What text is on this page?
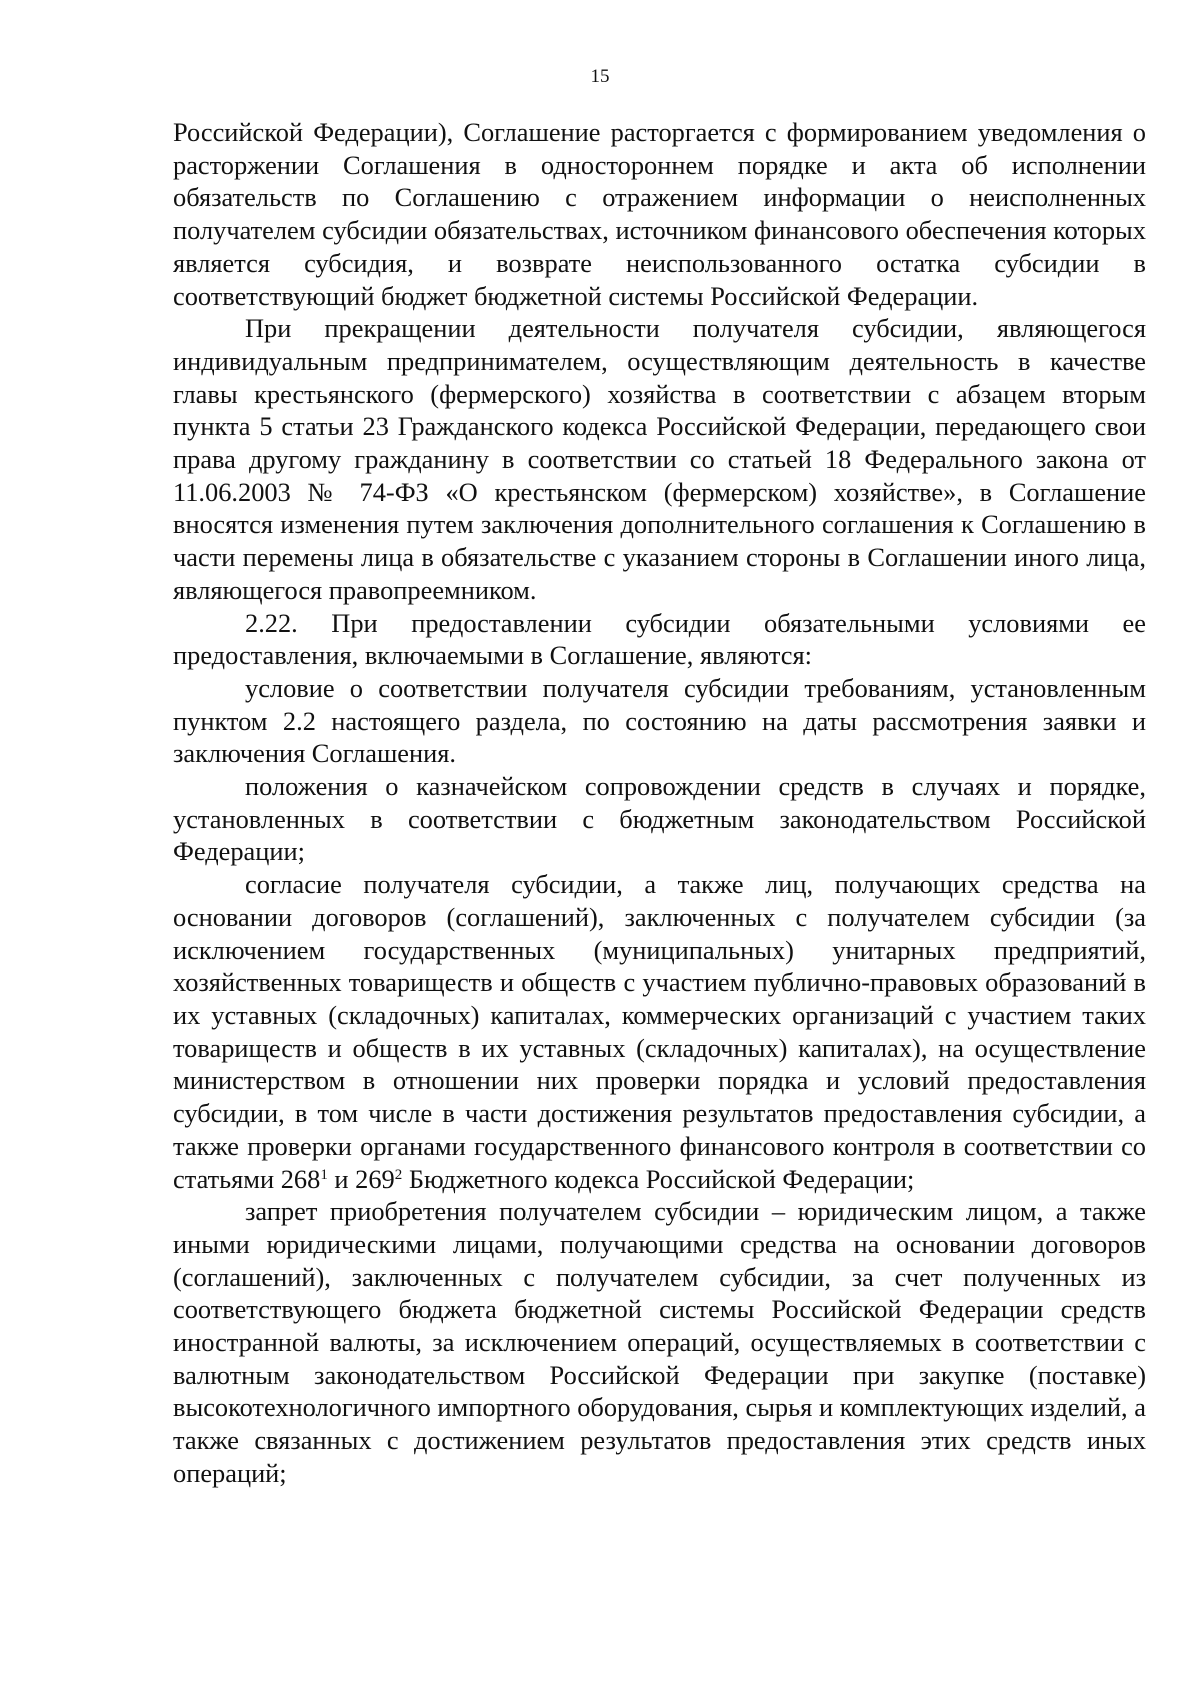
15

Российской Федерации), Соглашение расторгается с формированием уведомления о расторжении Соглашения в одностороннем порядке и акта об исполнении обязательств по Соглашению с отражением информации о неисполненных получателем субсидии обязательствах, источником финансового обеспечения которых является субсидия, и возврате неиспользованного остатка субсидии в соответствующий бюджет бюджетной системы Российской Федерации.

При прекращении деятельности получателя субсидии, являющегося индивидуальным предпринимателем, осуществляющим деятельность в качестве главы крестьянского (фермерского) хозяйства в соответствии с абзацем вторым пункта 5 статьи 23 Гражданского кодекса Российской Федерации, передающего свои права другому гражданину в соответствии со статьей 18 Федерального закона от 11.06.2003 № 74-ФЗ «О крестьянском (фермерском) хозяйстве», в Соглашение вносятся изменения путем заключения дополнительного соглашения к Соглашению в части перемены лица в обязательстве с указанием стороны в Соглашении иного лица, являющегося правопреемником.

2.22. При предоставлении субсидии обязательными условиями ее предоставления, включаемыми в Соглашение, являются:

условие о соответствии получателя субсидии требованиям, установленным пунктом 2.2 настоящего раздела, по состоянию на даты рассмотрения заявки и заключения Соглашения.

положения о казначейском сопровождении средств в случаях и порядке, установленных в соответствии с бюджетным законодательством Российской Федерации;

согласие получателя субсидии, а также лиц, получающих средства на основании договоров (соглашений), заключенных с получателем субсидии (за исключением государственных (муниципальных) унитарных предприятий, хозяйственных товариществ и обществ с участием публично-правовых образований в их уставных (складочных) капиталах, коммерческих организаций с участием таких товариществ и обществ в их уставных (складочных) капиталах), на осуществление министерством в отношении них проверки порядка и условий предоставления субсидии, в том числе в части достижения результатов предоставления субсидии, а также проверки органами государственного финансового контроля в соответствии со статьями $268^1$ и $269^2$ Бюджетного кодекса Российской Федерации;

запрет приобретения получателем субсидии – юридическим лицом, а также иными юридическими лицами, получающими средства на основании договоров (соглашений), заключенных с получателем субсидии, за счет полученных из соответствующего бюджета бюджетной системы Российской Федерации средств иностранной валюты, за исключением операций, осуществляемых в соответствии с валютным законодательством Российской Федерации при закупке (поставке) высокотехнологичного импортного оборудования, сырья и комплектующих изделий, а также связанных с достижением результатов предоставления этих средств иных операций;
